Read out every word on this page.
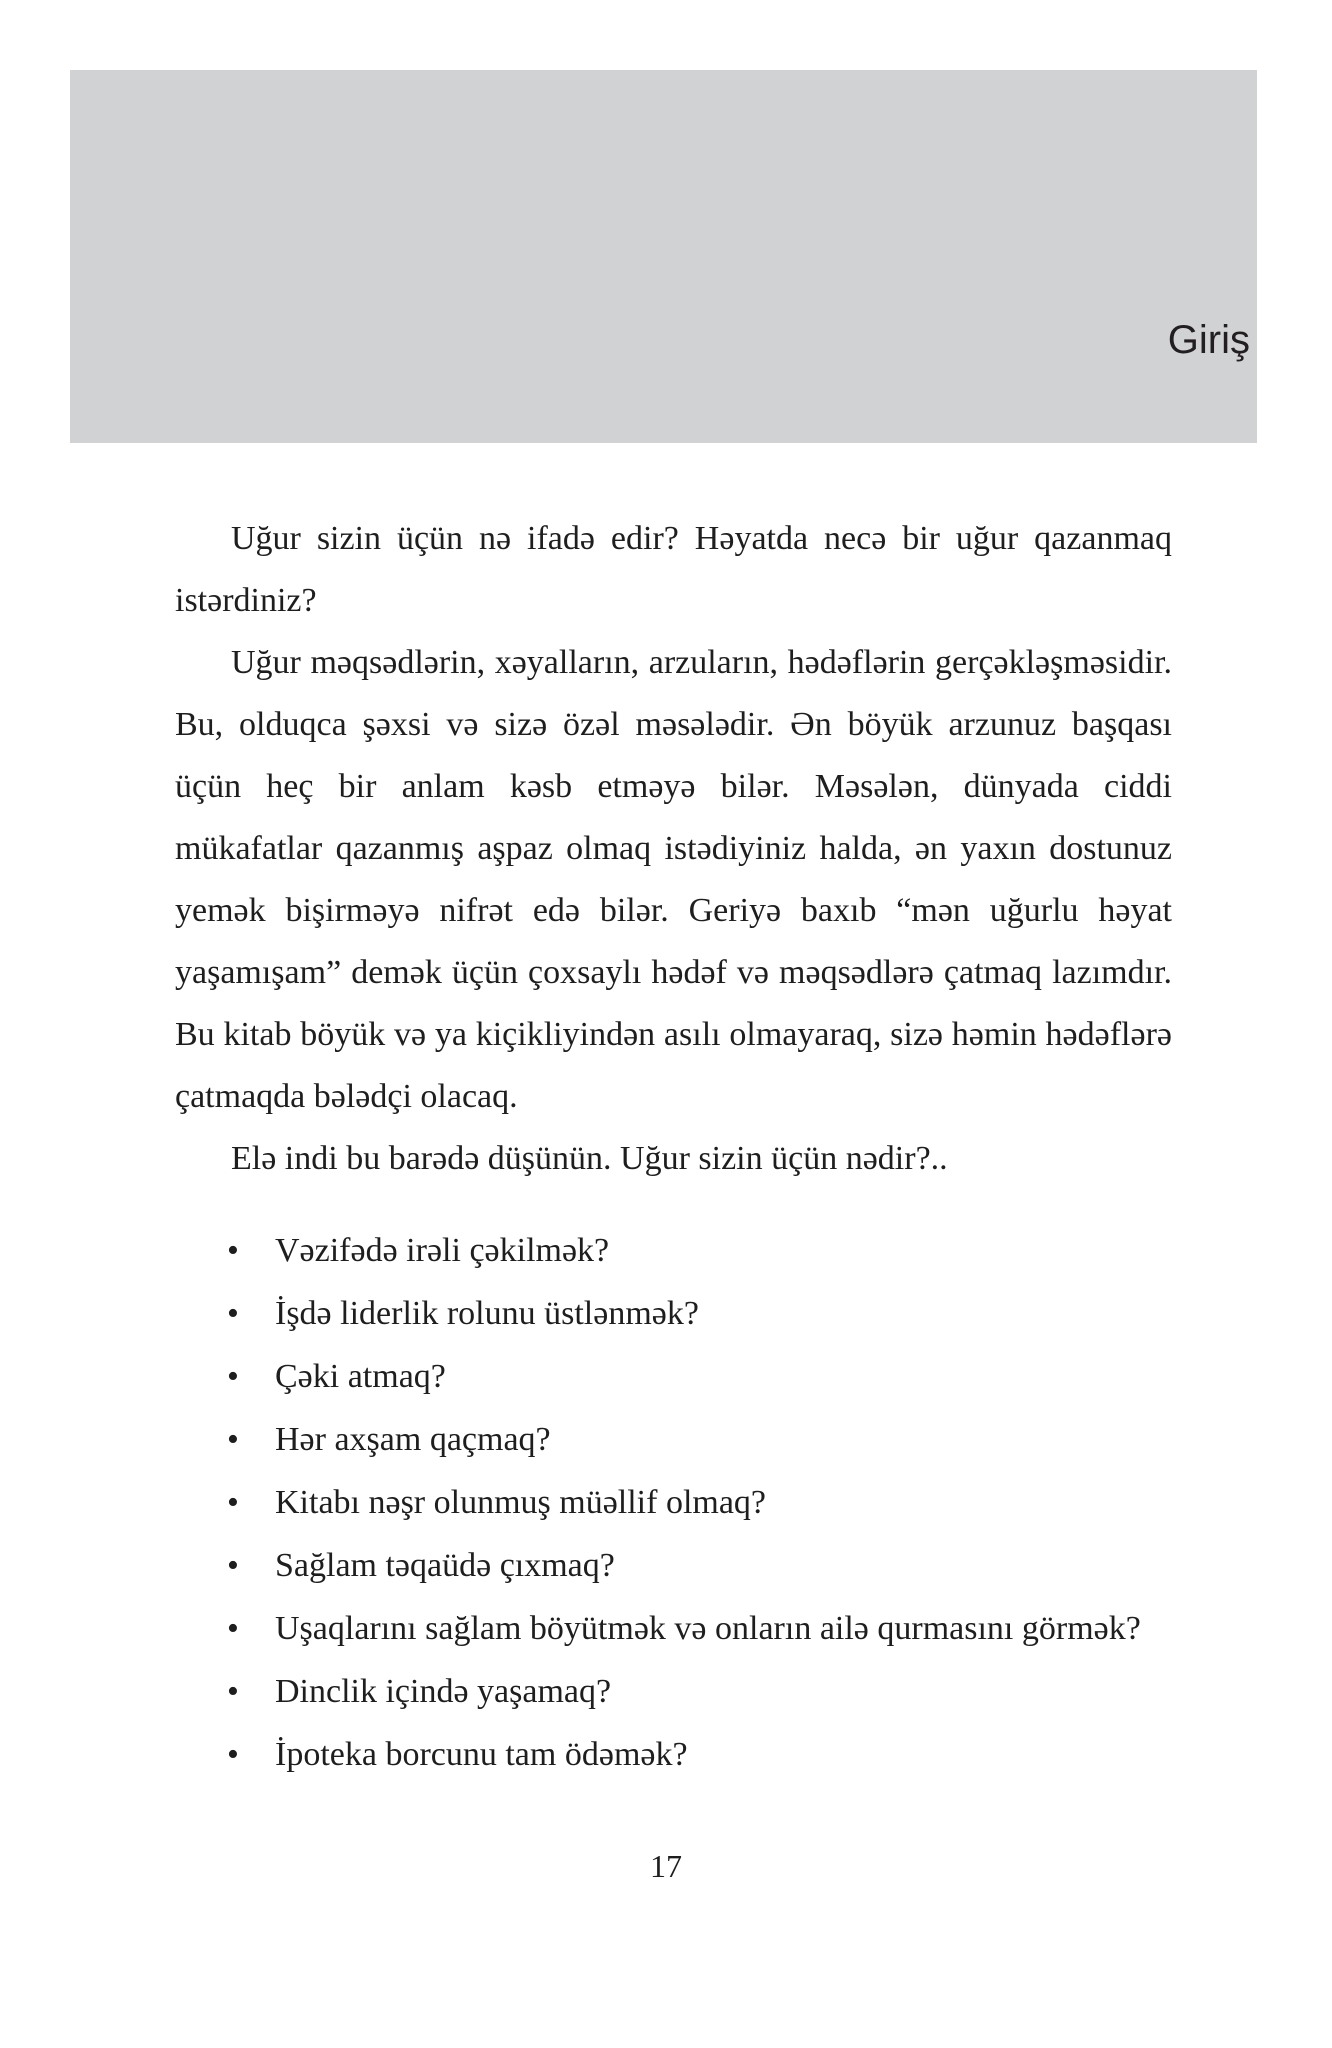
Giriş

Uğur sizin üçün nə ifadə edir? Həyatda necə bir uğur qazanmaq istərdiniz?

Uğur məqsədlərin, xəyalların, arzuların, hədəflərin gerçəkləşməsidir. Bu, olduqca şəxsi və sizə özəl məsələdir. Ən böyük arzunuz başqası üçün heç bir anlam kəsb etməyə bilər. Məsələn, dünyada ciddi mükafatlar qazanmış aşpaz olmaq istədiyiniz halda, ən yaxın dostunuz yemək bişirməyə nifrət edə bilər. Geriyə baxıb “mən uğurlu həyat yaşamışam” demək üçün çoxsaylı hədəf və məqsədlərə çatmaq lazımdır. Bu kitab böyük və ya kiçikliyindən asılı olmayaraq, sizə həmin hədəflərə çatmaqda bələdçi olacaq.

Elə indi bu barədə düşünün. Uğur sizin üçün nədir?..

• Vəzifədə irəli çəkilmək?
• İşdə liderlik rolunu üstlənmək?
• Çəki atmaq?
• Hər axşam qaçmaq?
• Kitabı nəşr olunmuş müəllif olmaq?
• Sağlam təqaüdə çıxmaq?
• Uşaqlarını sağlam böyütmək və onların ailə qurmasını görmək?
• Dinclik içində yaşamaq?
• İpoteka borcunu tam ödəmək?
17
